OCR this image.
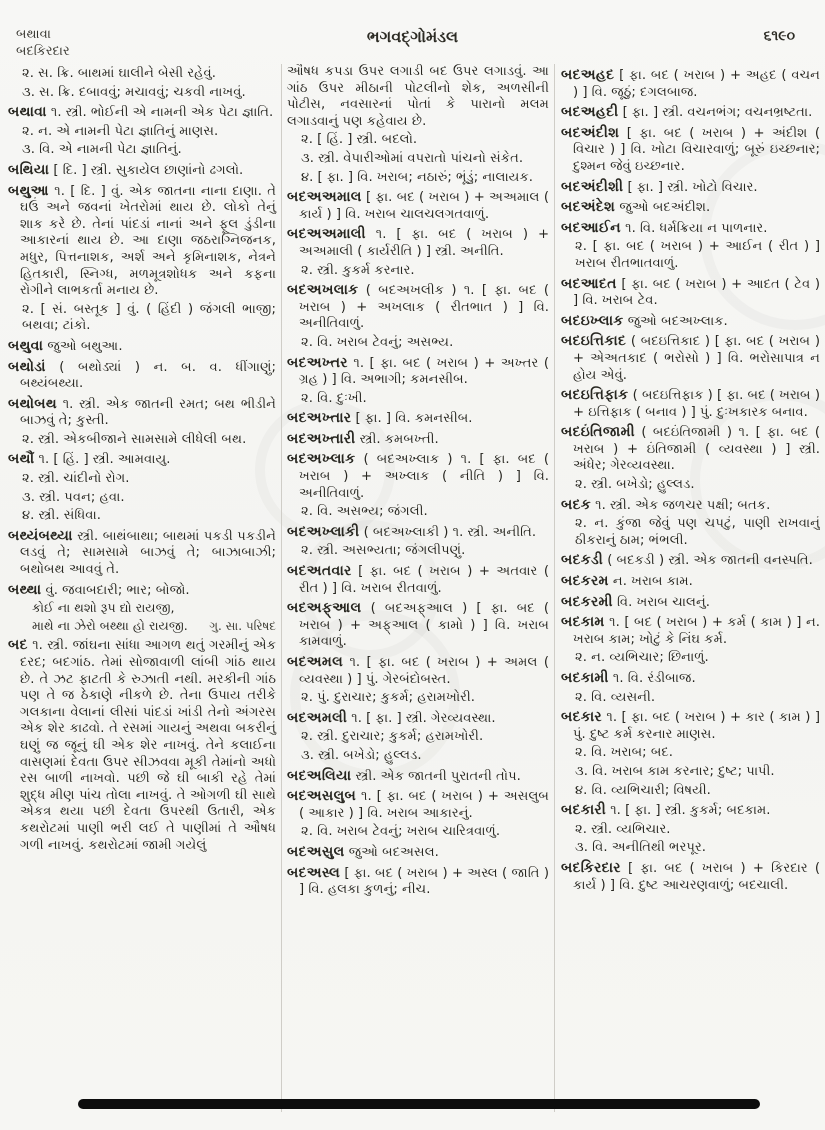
બથાવા
બદકિરદાર
ભગવદ્ગોમંડલ	૬૧૯૦
૨. સ. ક્રિ. બાથમાં ઘાલીને બેસી રહેવું.
૩. સ. ક્રિ. દબાવવું; મચાવવું; ચકવી નાખવું.
બથાવા ૧. સ્ત્રી. ભોઈની એ નામની એક પેટા જ્ઞાતિ.
૨. ન. એ નામની પેટા જ્ઞાતિનું માણસ.
૩. વિ. એ નામની પેટા જ્ઞાતિનું.
બથિયા [ દિ. ] સ્ત્રી. સુકાયેલ છાણાંનો ઢગલો.
બથુઆ ૧. [ દિ. ] વું. એક જાતના નાના દાણા. તે ઘઉં અને જવનાં ખેતરોમાં થાય છે. લોકો તેનું શાક કરે છે. તેનાં પાંદડાં નાનાં અને ફૂલ ડુંડીના આકારનાં થાય છે. આ દાણા જઠરાગ્નિજનક, મધુર, પિત્તનાશક, અર્શ અને કૃમિનાશક, નેત્રને હિતકારી, સ્નિગ્ધ, મળમૂત્રશોધક અને કફના રોગીને લાભકર્તા મનાય છે.
૨. [ સં. બસ્તૂક ] વું. ( હિંદી ) જંગલી ભાજી; બથવા; ટાંકો.
બથુવા જુઓ બથુઆ.
બથોડાં ( બથોડ્યાં ) ન. બ. વ. ધીંગાણું; બથ્યંબથ્યા.
બથોબથ ૧. સ્ત્રી. એક જાતની રમત; બથ ભીડીને બાઝવું તે; કુસ્તી.
૨. સ્ત્રી. એકબીજાને સામસામે લીધેલી બથ.
બથૌં ૧. [ હિં. ] સ્ત્રી. આમવાયુ.
૨. સ્ત્રી. ચાંદીનો રોગ.
૩. સ્ત્રી. પવન; હવા.
૪. સ્ત્રી. સંધિવા.
બથ્યંબથ્યા સ્ત્રી. બાથંબાથા; બાથમાં પકડી પકડીને લડવું તે; સામસામે બાઝવું તે; બાઝાબાઝી; બથોબથ આવવું તે.
બથ્થા વું. જવાબદારી; ભાર; બોજો.
કોઈ ના થશો રૂપ દ્યો રાયજી,
માથે ના ઝેરો બથ્થા હો રાયજી. ગુ. સા. પરિષદ
બદ ૧. સ્ત્રી. જાંઘના સાંધા આગળ થતું ગરમીનું એક દરદ; બદગાંઠ. તેમાં સોજાવાળી લાંબી ગાંઠ થાય છે. તે ઝટ ફાટતી કે રુઝાતી નથી. મરકીની ગાંઠ પણ તે જ ઠેકાણે નીકળે છે. તેના ઉપાય તરીકે ગલકાના વેલાનાં લીસાં પાંદડાં ખાંડી તેનો અંગરસ એક શેર કાઢવો. તે રસમાં ગાયનું અથવા બકરીનું ઘણું જ જૂનું ઘી એક શેર નાખવું. તેને કલાઈના વાસણમાં દેવતા ઉપર સીઝવવા મૂકી તેમાંનો અધો રસ બાળી નાખવો. પછી જે ઘી બાકી રહે તેમાં શુદ્ધ મીણ પાંચ તોલા નાખવું. તે ઓગળી ઘી સાથે એકત્ર થયા પછી દેવતા ઉપરથી ઉતારી, એક કથરોટમાં પાણી ભરી લઈ તે પાણીમાં તે ઔષધ ગળી નાખવું. કથરોટમાં જામી ગયેલું
ઔષધ કપડા ઉપર લગાડી બદ ઉપર લગાડવું. આ ગાંઠ ઉપર મીઠાની પોટલીનો શેક, અળસીની પોટીસ, નવસારનાં પોતાં કે પારાનો મલમ લગાડવાનું પણ કહેવાય છે.
૨. [ હિં. ] સ્ત્રી. બદલો.
૩. સ્ત્રી. વેપારીઓમાં વપરાતો પાંચનો સંકેત.
૪. [ ફા. ] વિ. ખરાબ; નઠારું; ભૂંડું; નાલાયક.
બદઅઅમાલ [ ફા. બદ ( ખરાબ ) + અઅમાલ ( કાર્ય ) ] વિ. ખરાબ ચાલચલગતવાળું.
બદઅઅમાલી ૧. [ ફા. બદ ( ખરાબ ) + અઅમાલી ( કાર્યરીતિ ) ] સ્ત્રી. અનીતિ.
૨. સ્ત્રી. કુકર્મ કરનાર.
બદઅખલાક ( બદઅખલીક ) ૧. [ ફા. બદ ( ખરાબ ) + અખલાક ( રીતભાત ) ] વિ. અનીતિવાળું.
૨. વિ. ખરાબ ટેવનું; અસભ્ય.
બદઅખ્તર ૧. [ ફા. બદ ( ખરાબ ) + અખ્તર ( ગ્રહ ) ] વિ. અભાગી; કમનસીબ.
૨. વિ. દુઃખી.
બદઅખ્તાર [ ફા. ] વિ. કમનસીબ.
બદઅખ્તારી સ્ત્રી. કમબખ્તી.
બદઅખ્લાક ( બદઅખ્લાક ) ૧. [ ફા. બદ ( ખરાબ ) + અખ્લાક ( નીતિ ) ] વિ. અનીતિવાળું.
૨. વિ. અસભ્ય; જંગલી.
બદઅખ્લાકી ( બદઅખ્લાકી ) ૧. સ્ત્રી. અનીતિ.
૨. સ્ત્રી. અસભ્યતા; જંગલીપણું.
બદઅતવાર [ ફા. બદ ( ખરાબ ) + અતવાર ( રીત ) ] વિ. ખરાબ રીતવાળું.
બદઅફ્આલ ( બદઅફ્આલ ) [ ફા. બદ ( ખરાબ ) + અફ્આલ ( કામો ) ] વિ. ખરાબ કામવાળું.
બદઅમલ ૧. [ ફા. બદ ( ખરાબ ) + અમલ ( વ્યવસ્થા ) ] પું. ગેરબંદોબસ્ત.
૨. પું. દુરાચાર; કુકર્મ; હરામખોરી.
બદઅમલી ૧. [ ફા. ] સ્ત્રી. ગેરવ્યવસ્થા.
૨. સ્ત્રી. દુરાચાર; કુકર્મ; હરામખોરી.
૩. સ્ત્રી. બખેડો; હુલ્લડ.
બદઅલિયા સ્ત્રી. એક જાતની પુરાતની તોપ.
બદઅસલુબ ૧. [ ફા. બદ ( ખરાબ ) + અસલુબ ( આકાર ) ] વિ. ખરાબ આકારનું.
૨. વિ. ખરાબ ટેવનું; ખરાબ ચારિત્રવાળું.
બદઅસુલ જુઓ બદઅસલ.
બદઅસ્લ [ ફા. બદ ( ખરાબ ) + અસ્લ ( જાતિ ) ] વિ. હલકા કુળનું; નીચ.
બદઅહદ [ ફા. બદ ( ખરાબ ) + અહદ ( વચન ) ] વિ. જૂઠું; દગલબાજ.
બદઅહદી [ ફા. ] સ્ત્રી. વચનભંગ; વચનભ્રષ્ટતા.
બદઅંદીશ [ ફા. બદ ( ખરાબ ) + અંદીશ ( વિચાર ) ] વિ. ખોટા વિચારવાળું; બૂરું ઇચ્છનાર; દુશ્મન જેવું ઇચ્છનાર.
બદઅંદીશી [ ફા. ] સ્ત્રી. ખોટો વિચાર.
બદઅંદેશ જુઓ બદઅંદીશ.
બદઆઈન ૧. વિ. ધર્મક્રિયા ન પાળનાર.
૨. [ ફા. બદ ( ખરાબ ) + આઈન ( રીત ) ] ખરાબ રીતભાતવાળું.
બદઆદત [ ફા. બદ ( ખરાબ ) + આદત ( ટેવ ) ] વિ. ખરાબ ટેવ.
બદઇખ્લાક જુઓ બદઅખ્લાક.
બદઇત્તિકાદ ( બદઇત્તિકાદ ) [ ફા. બદ ( ખરાબ ) + એઅતકાદ ( ભરોસો ) ] વિ. ભરોસાપાત્ર ન હોય એવું.
બદઇત્તિફાક ( બદઇત્તિફાક ) [ ફા. બદ ( ખરાબ ) + ઇત્તિફાક ( બનાવ ) ] પું. દુઃખકારક બનાવ.
બદઇંતિજામી ( બદઇંતિજામી ) ૧. [ ફા. બદ ( ખરાબ ) + ઇંતિજામી ( વ્યવસ્થા ) ] સ્ત્રી. અંધેર; ગેરવ્યવસ્થા.
૨. સ્ત્રી. બખેડો; હુલ્લડ.
બદક ૧. સ્ત્રી. એક જળચર પક્ષી; બતક.
૨. ન. કુંજા જેવું પણ ચપટું, પાણી રાખવાનું ઠીકરાનું ઠામ; ભંભલી.
બદકડી ( બદકડી ) સ્ત્રી. એક જાતની વનસ્પતિ.
બદકરમ ન. ખરાબ કામ.
બદકરમી વિ. ખરાબ ચાલનું.
બદકામ ૧. [ બદ ( ખરાબ ) + કર્મ ( કામ ) ] ન. ખરાબ કામ; ખોટું કે નિંઘ કર્મ.
૨. ન. વ્યભિચાર; છિનાળું.
બદકામી ૧. વિ. રંડીબાજ.
૨. વિ. વ્યસની.
બદકાર ૧. [ ફા. બદ ( ખરાબ ) + કાર ( કામ ) ] પું. દુષ્ટ કર્મ કરનાર માણસ.
૨. વિ. ખરાબ; બદ.
૩. વિ. ખરાબ કામ કરનાર; દુષ્ટ; પાપી.
૪. વિ. વ્યભિચારી; વિષયી.
બદકારી ૧. [ ફા. ] સ્ત્રી. કુકર્મ; બદકામ.
૨. સ્ત્રી. વ્યભિચાર.
૩. વિ. અનીતિથી ભરપૂર.
બદકિરદાર [ ફા. બદ ( ખરાબ ) + કિરદાર ( કાર્ય ) ] વિ. દુષ્ટ આચરણવાળું; બદચાલી.
